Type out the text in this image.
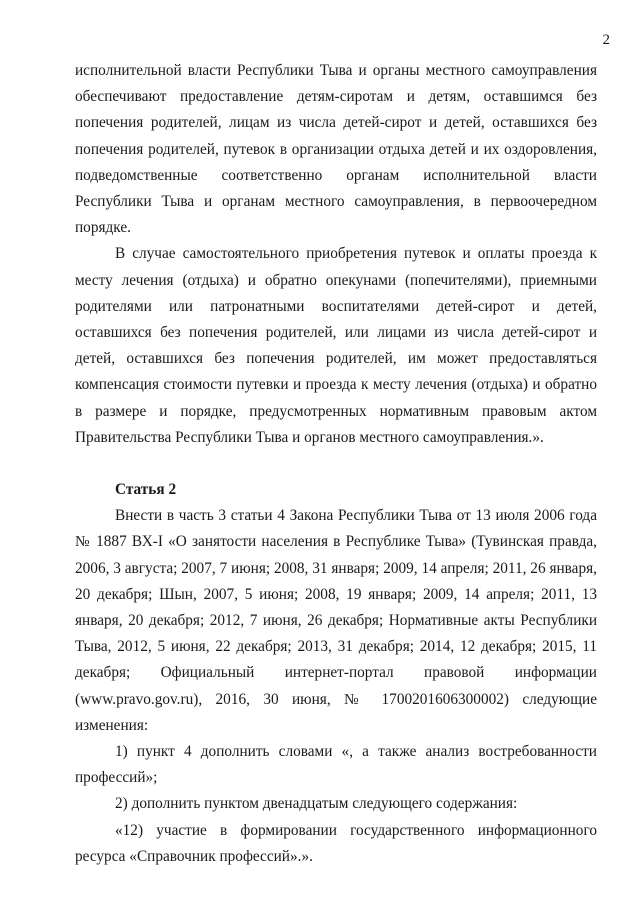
2

исполнительной власти Республики Тыва и органы местного самоуправления обеспечивают предоставление детям-сиротам и детям, оставшимся без попечения родителей, лицам из числа детей-сирот и детей, оставшихся без попечения родителей, путевок в организации отдыха детей и их оздоровления, подведомственные соответственно органам исполнительной власти Республики Тыва и органам местного самоуправления, в первоочередном порядке.

В случае самостоятельного приобретения путевок и оплаты проезда к месту лечения (отдыха) и обратно опекунами (попечителями), приемными родителями или патронатными воспитателями детей-сирот и детей, оставшихся без попечения родителей, или лицами из числа детей-сирот и детей, оставшихся без попечения родителей, им может предоставляться компенсация стоимости путевки и проезда к месту лечения (отдыха) и обратно в размере и порядке, предусмотренных нормативным правовым актом Правительства Республики Тыва и органов местного самоуправления.».

Статья 2

Внести в часть 3 статьи 4 Закона Республики Тыва от 13 июля 2006 года № 1887 ВХ-I «О занятости населения в Республике Тыва» (Тувинская правда, 2006, 3 августа; 2007, 7 июня; 2008, 31 января; 2009, 14 апреля; 2011, 26 января, 20 декабря; Шын, 2007, 5 июня; 2008, 19 января; 2009, 14 апреля; 2011, 13 января, 20 декабря; 2012, 7 июня, 26 декабря; Нормативные акты Республики Тыва, 2012, 5 июня, 22 декабря; 2013, 31 декабря; 2014, 12 декабря; 2015, 11 декабря; Официальный интернет-портал правовой информации (www.pravo.gov.ru), 2016, 30 июня, № 1700201606300002) следующие изменения:

1) пункт 4 дополнить словами «, а также анализ востребованности профессий»;

2) дополнить пунктом двенадцатым следующего содержания:

«12) участие в формировании государственного информационного ресурса «Справочник профессий».».
